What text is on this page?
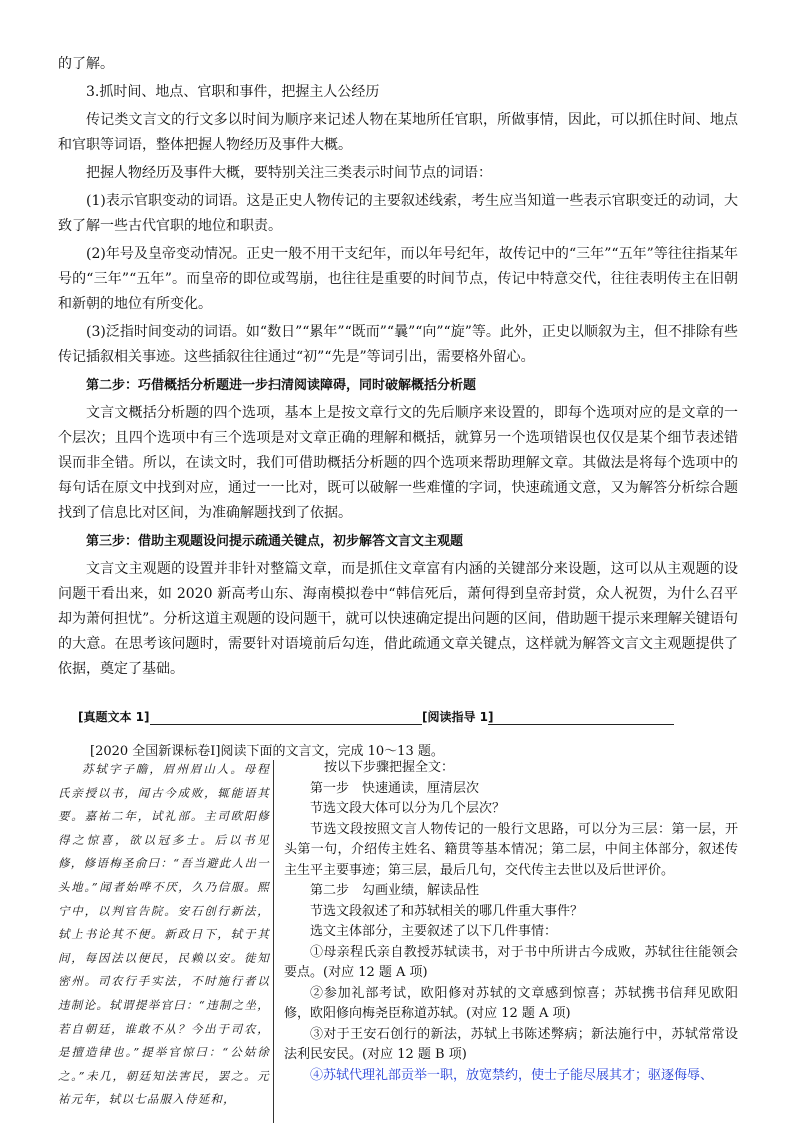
的了解。

3.抓时间、地点、官职和事件，把握主人公经历

传记类文言文的行文多以时间为顺序来记述人物在某地所任官职，所做事情，因此，可以抓住时间、地点和官职等词语，整体把握人物经历及事件大概。

把握人物经历及事件大概，要特别关注三类表示时间节点的词语：

(1)表示官职变动的词语。这是正史人物传记的主要叙述线索，考生应当知道一些表示官职变迁的动词，大致了解一些古代官职的地位和职责。

(2)年号及皇帝变动情况。正史一般不用干支纪年，而以年号纪年，故传记中的“三年”“五年”等往往指某年号的“三年”“五年”。而皇帝的即位或驾崩，也往往是重要的时间节点，传记中特意交代，往往表明传主在旧朝和新朝的地位有所变化。

(3)泛指时间变动的词语。如“数日”“累年”“既而”“曩”“向”“旋”等。此外，正史以顺叙为主，但不排除有些传记插叙相关事迹。这些插叙往往通过“初”“先是”等词引出，需要格外留心。

第二步：巧借概括分析题进一步扫清阅读障碍，同时破解概括分析题

文言文概括分析题的四个选项，基本上是按文章行文的先后顺序来设置的，即每个选项对应的是文章的一个层次；且四个选项中有三个选项是对文章正确的理解和概括，就算另一个选项错误也仅仅是某个细节表述错误而非全错。所以，在读文时，我们可借助概括分析题的四个选项来帮助理解文章。其做法是将每个选项中的每句话在原文中找到对应，通过一一比对，既可以破解一些难懂的字词，快速疏通文意，又为解答分析综合题找到了信息比对区间，为准确解题找到了依据。

第三步：借助主观题设问提示疏通关键点，初步解答文言文主观题

文言文主观题的设置并非针对整篇文章，而是抓住文章富有内涵的关键部分来设题，这可以从主观题的设问题干看出来，如 2020 新高考山东、海南模拟卷中“韩信死后，萧何得到皇帝封赏，众人祝贺，为什么召平却为萧何担忧”。分析这道主观题的设问题干，就可以快速确定提出问题的区间，借助题干提示来理解关键语句的大意。在思考该问题时，需要针对语境前后勾连，借此疏通文章关键点，这样就为解答文言文主观题提供了依据，奠定了基础。

[真题文本 1]	[阅读指导 1]
[2020 全国新课标卷Ⅰ]阅读下面的文言文，完成 10～13 题。
苏轼字子瞻，眉州眉山人。母程氏亲授以书，闻古今成败，辄能语其要。嘉祐二年，试礼部。主司欧阳修得之惊喜，欲以冠多士。后以书见修，修语梅圣俞曰：“吾当避此人出一头地。”闻者始哗不厌，久乃信服。熙宁中，以判官告院。安石创行新法，轼上书论其不便。新政日下，轼于其间，每因法以便民，民赖以安。徙知密州。司农行手实法，不时施行者以违制论。轼谓提举官曰：“违制之坐，若自朝廷，谁敢不从？今出于司农，是擅造律也。”提举官惊曰：“公姑徐之。”未几，朝廷知法害民，罢之。元祐元年，轼以七品服入侍延和，

按以下步骤把握全文：

第一步　快速通读，厘清层次

节选文段大体可以分为几个层次？

节选文段按照文言人物传记的一般行文思路，可以分为三层：第一层，开头第一句，介绍传主姓名、籍贯等基本情况；第二层，中间主体部分，叙述传主生平主要事迹；第三层，最后几句，交代传主去世以及后世评价。

第二步　勾画业绩，解读品性

节选文段叙述了和苏轼相关的哪几件重大事件？

选文主体部分，主要叙述了以下几件事情：

①母亲程氏亲自教授苏轼读书，对于书中所讲古今成败，苏轼往往能领会要点。(对应 12 题 A 项)

②参加礼部考试，欧阳修对苏轼的文章感到惊喜；苏轼携书信拜见欧阳修，欧阳修向梅尧臣称道苏轼。(对应 12 题 A 项)

③对于王安石创行的新法，苏轼上书陈述弊病；新法施行中，苏轼常常设法利民安民。(对应 12 题 B 项)

④苏轼代理礼部贡举一职，放宽禁约，使士子能尽展其才；驱逐侮辱、
